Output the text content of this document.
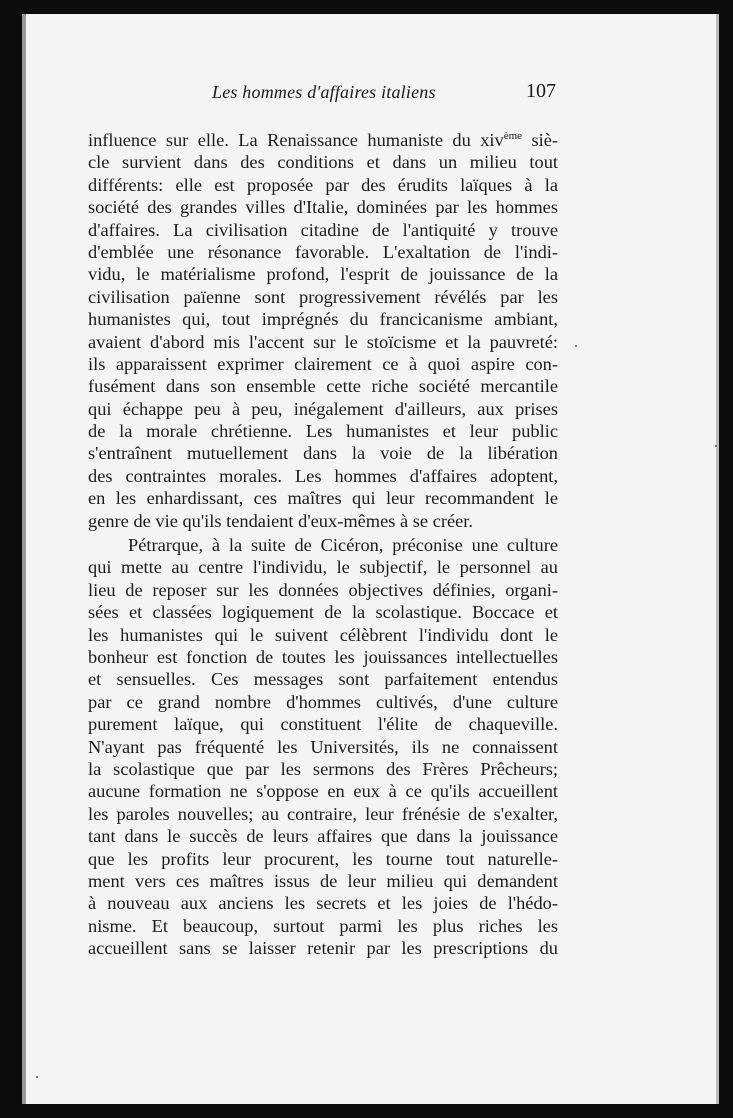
Les hommes d'affaires italiens	107
influence sur elle. La Renaissance humaniste du xiv$^{ème}$ siè-
cle survient dans des conditions et dans un milieu tout
différents: elle est proposée par des érudits laïques à la
société des grandes villes d'Italie, dominées par les hommes
d'affaires. La civilisation citadine de l'antiquité y trouve
d'emblée une résonance favorable. L'exaltation de l'indi-
vidu, le matérialisme profond, l'esprit de jouissance de la
civilisation païenne sont progressivement révélés par les
humanistes qui, tout imprégnés du francicanisme ambiant,
avaient d'abord mis l'accent sur le stoïcisme et la pauvreté:
ils apparaissent exprimer clairement ce à quoi aspire con-
fusément dans son ensemble cette riche société mercantile
qui échappe peu à peu, inégalement d'ailleurs, aux prises
de la morale chrétienne. Les humanistes et leur public
s'entraînent mutuellement dans la voie de la libération
des contraintes morales. Les hommes d'affaires adoptent,
en les enhardissant, ces maîtres qui leur recommandent le
genre de vie qu'ils tendaient d'eux-mêmes à se créer.
Pétrarque, à la suite de Cicéron, préconise une culture
qui mette au centre l'individu, le subjectif, le personnel au
lieu de reposer sur les données objectives définies, organi-
sées et classées logiquement de la scolastique. Boccace et
les humanistes qui le suivent célèbrent l'individu dont le
bonheur est fonction de toutes les jouissances intellectuelles
et sensuelles. Ces messages sont parfaitement entendus
par ce grand nombre d'hommes cultivés, d'une culture
purement laïque, qui constituent l'élite de chaqueville.
N'ayant pas fréquenté les Universités, ils ne connaissent
la scolastique que par les sermons des Frères Prêcheurs;
aucune formation ne s'oppose en eux à ce qu'ils accueillent
les paroles nouvelles; au contraire, leur frénésie de s'exalter,
tant dans le succès de leurs affaires que dans la jouissance
que les profits leur procurent, les tourne tout naturelle-
ment vers ces maîtres issus de leur milieu qui demandent
à nouveau aux anciens les secrets et les joies de l'hédo-
nisme. Et beaucoup, surtout parmi les plus riches les
accueillent sans se laisser retenir par les prescriptions du
